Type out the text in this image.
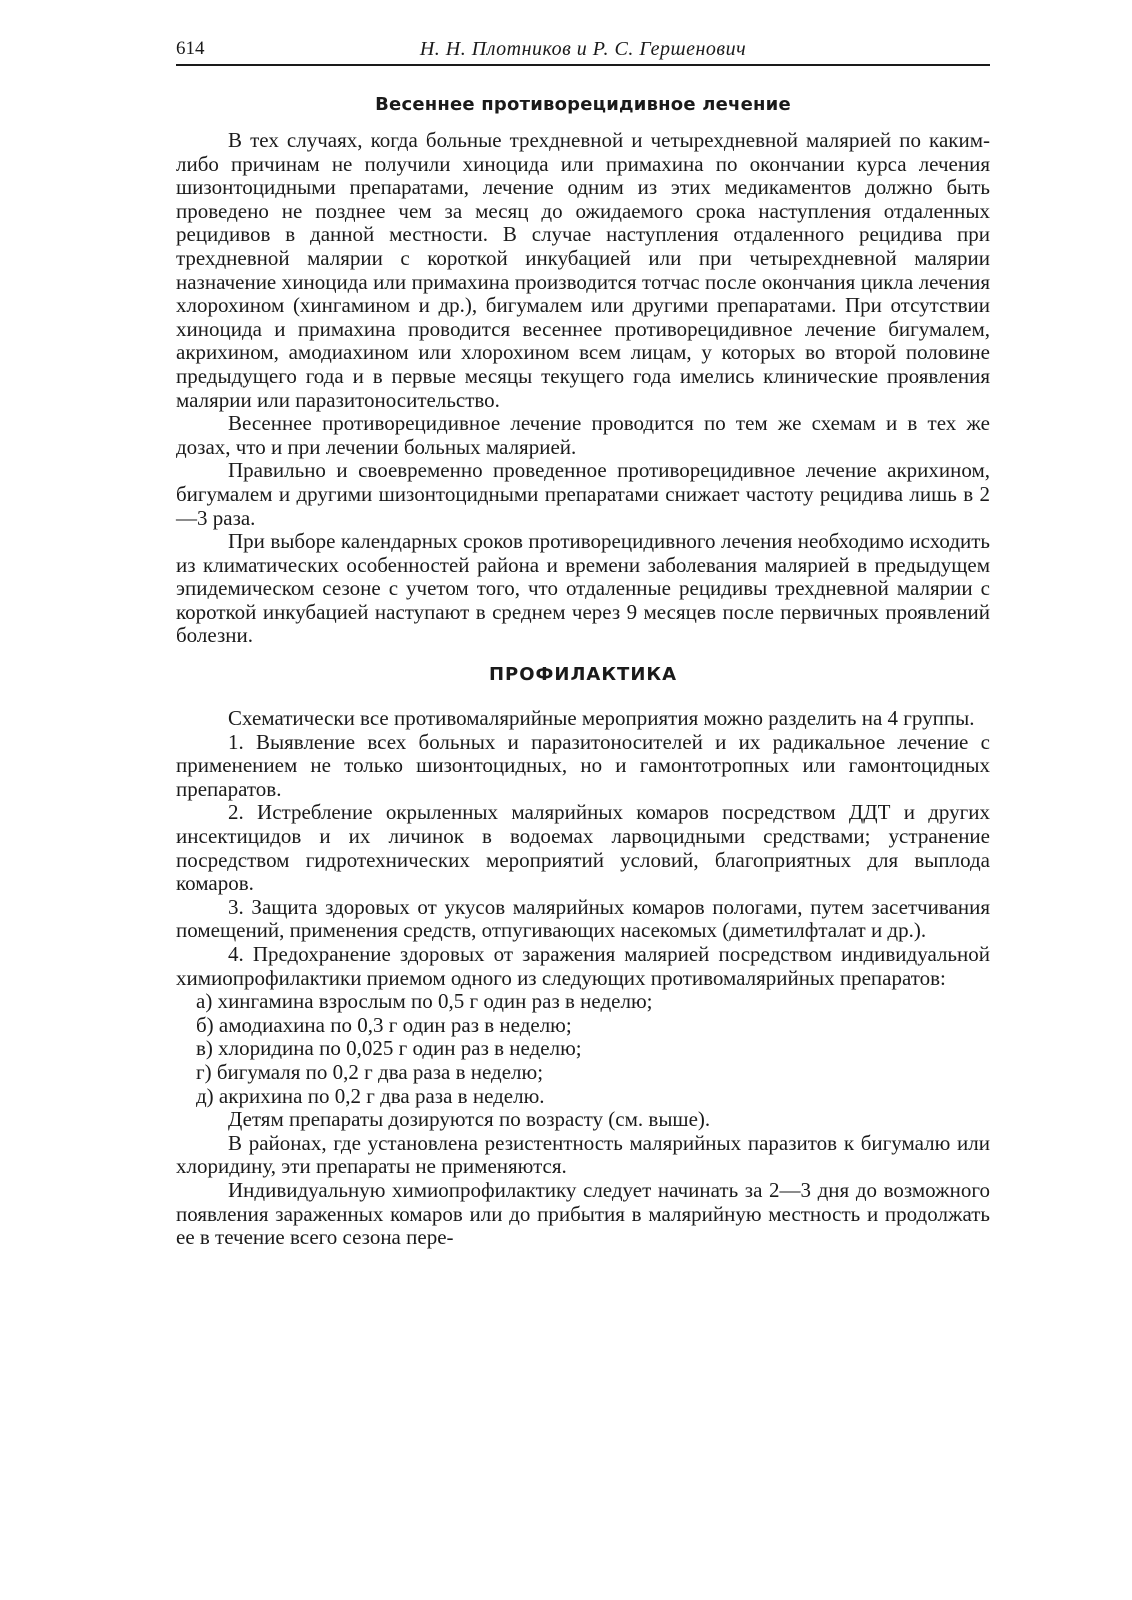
614	Н. Н. Плотников и Р. С. Гершенович
Весеннее противорецидивное лечение

В тех случаях, когда больные трехдневной и четырехдневной малярией по каким-либо причинам не получили хиноцида или примахина по окончании курса лечения шизонтоцидными препаратами, лечение одним из этих медикаментов должно быть проведено не позднее чем за месяц до ожидаемого срока наступления отдаленных рецидивов в данной местности. В случае наступления отдаленного рецидива при трехдневной малярии с короткой инкубацией или при четырехдневной малярии назначение хиноцида или примахина производится тотчас после окончания цикла лечения хлорохином (хингамином и др.), бигумалем или другими препаратами. При отсутствии хиноцида и примахина проводится весеннее противорецидивное лечение бигумалем, акрихином, амодиахином или хлорохином всем лицам, у которых во второй половине предыдущего года и в первые месяцы текущего года имелись клинические проявления малярии или паразитоносительство.

Весеннее противорецидивное лечение проводится по тем же схемам и в тех же дозах, что и при лечении больных малярией.

Правильно и своевременно проведенное противорецидивное лечение акрихином, бигумалем и другими шизонтоцидными препаратами снижает частоту рецидива лишь в 2—3 раза.

При выборе календарных сроков противорецидивного лечения необходимо исходить из климатических особенностей района и времени заболевания малярией в предыдущем эпидемическом сезоне с учетом того, что отдаленные рецидивы трехдневной малярии с короткой инкубацией наступают в среднем через 9 месяцев после первичных проявлений болезни.

ПРОФИЛАКТИКА

Схематически все противомалярийные мероприятия можно разделить на 4 группы.

1. Выявление всех больных и паразитоносителей и их радикальное лечение с применением не только шизонтоцидных, но и гамонтотропных или гамонтоцидных препаратов.

2. Истребление окрыленных малярийных комаров посредством ДДТ и других инсектицидов и их личинок в водоемах ларвоцидными средствами; устранение посредством гидротехнических мероприятий условий, благоприятных для выплода комаров.

3. Защита здоровых от укусов малярийных комаров пологами, путем засетчивания помещений, применения средств, отпугивающих насекомых (диметилфталат и др.).

4. Предохранение здоровых от заражения малярией посредством индивидуальной химиопрофилактики приемом одного из следующих противомалярийных препаратов:

а) хингамина взрослым по 0,5 г один раз в неделю;
б) амодиахина по 0,3 г один раз в неделю;
в) хлоридина по 0,025 г один раз в неделю;
г) бигумаля по 0,2 г два раза в неделю;
д) акрихина по 0,2 г два раза в неделю.

Детям препараты дозируются по возрасту (см. выше).

В районах, где установлена резистентность малярийных паразитов к бигумалю или хлоридину, эти препараты не применяются.

Индивидуальную химиопрофилактику следует начинать за 2—3 дня до возможного появления зараженных комаров или до прибытия в малярийную местность и продолжать ее в течение всего сезона пере-
